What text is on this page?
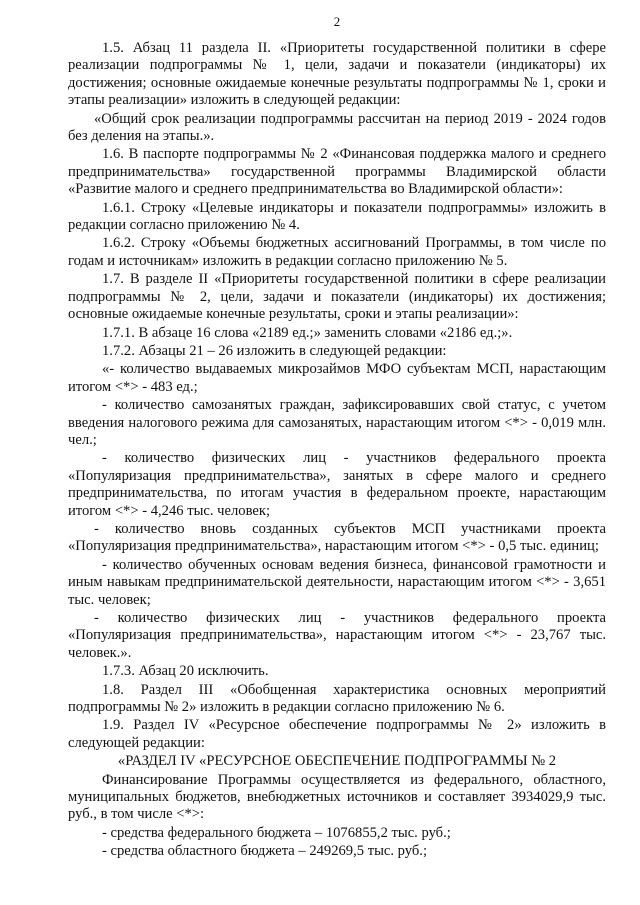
2

1.5. Абзац 11 раздела II. «Приоритеты государственной политики в сфере реализации подпрограммы № 1, цели, задачи и показатели (индикаторы) их достижения; основные ожидаемые конечные результаты подпрограммы № 1, сроки и этапы реализации» изложить в следующей редакции:

«Общий срок реализации подпрограммы рассчитан на период 2019 - 2024 годов без деления на этапы.».

1.6. В паспорте подпрограммы № 2 «Финансовая поддержка малого и среднего предпринимательства» государственной программы Владимирской области «Развитие малого и среднего предпринимательства во Владимирской области»:

1.6.1. Строку «Целевые индикаторы и показатели подпрограммы» изложить в редакции согласно приложению № 4.

1.6.2. Строку «Объемы бюджетных ассигнований Программы, в том числе по годам и источникам» изложить в редакции согласно приложению № 5.

1.7. В разделе II «Приоритеты государственной политики в сфере реализации подпрограммы № 2, цели, задачи и показатели (индикаторы) их достижения; основные ожидаемые конечные результаты, сроки и этапы реализации»:

1.7.1. В абзаце 16 слова «2189 ед.;» заменить словами «2186 ед.;».

1.7.2. Абзацы 21 – 26 изложить в следующей редакции:

«- количество выдаваемых микрозаймов МФО субъектам МСП, нарастающим итогом <*> - 483 ед.;

- количество самозанятых граждан, зафиксировавших свой статус, с учетом введения налогового режима для самозанятых, нарастающим итогом <*> - 0,019 млн. чел.;

- количество физических лиц - участников федерального проекта «Популяризация предпринимательства», занятых в сфере малого и среднего предпринимательства, по итогам участия в федеральном проекте, нарастающим итогом <*> - 4,246 тыс. человек;

- количество вновь созданных субъектов МСП участниками проекта «Популяризация предпринимательства», нарастающим итогом <*> - 0,5 тыс. единиц;

- количество обученных основам ведения бизнеса, финансовой грамотности и иным навыкам предпринимательской деятельности, нарастающим итогом <*> - 3,651 тыс. человек;

- количество физических лиц - участников федерального проекта «Популяризация предпринимательства», нарастающим итогом <*> - 23,767 тыс. человек.».

1.7.3. Абзац 20 исключить.

1.8. Раздел III «Обобщенная характеристика основных мероприятий подпрограммы № 2» изложить в редакции согласно приложению № 6.

1.9. Раздел IV «Ресурсное обеспечение подпрограммы № 2» изложить в следующей редакции:

«РАЗДЕЛ IV «РЕСУРСНОЕ ОБЕСПЕЧЕНИЕ ПОДПРОГРАММЫ № 2

Финансирование Программы осуществляется из федерального, областного, муниципальных бюджетов, внебюджетных источников и составляет 3934029,9 тыс. руб., в том числе <*>:

- средства федерального бюджета – 1076855,2 тыс. руб.;

- средства областного бюджета – 249269,5 тыс. руб.;
